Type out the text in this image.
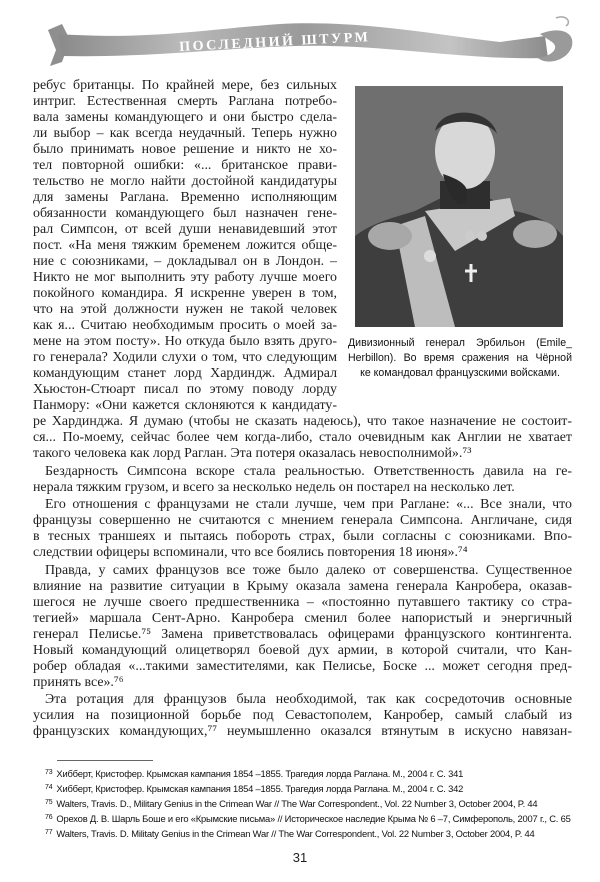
ПОСЛЕДНИЙ ШТУРМ
ребус британцы. По крайней мере, без сильных
интриг. Естественная смерть Раглана потребо-
вала замены командующего и они быстро сдела-
ли выбор – как всегда неудачный. Теперь нужно
было принимать новое решение и никто не хо-
тел повторной ошибки: «... британское прави-
тельство не могло найти достойной кандидатуры
для замены Раглана. Временно исполняющим
обязанности командующего был назначен гене-
рал Симпсон, от всей души ненавидевший этот
пост. «На меня тяжким бременем ложится обще-
ние с союзниками, – докладывал он в Лондон. –
Никто не мог выполнить эту работу лучше моего
покойного командира. Я искренне уверен в том,
что на этой должности нужен не такой человек
как я... Считаю необходимым просить о моей за-
мене на этом посту». Но откуда было взять друго-
го генерала? Ходили слухи о том, что следующим
командующим станет лорд Хардиндж. Адмирал
Хьюстон-Стюарт писал по этому поводу лорду
Панмору: «Они кажется склоняются к кандидату-
ре Хардинджа. Я думаю (чтобы не сказать надеюсь), что такое назначение не состоит-
ся... По-моему, сейчас более чем когда-либо, стало очевидным как Англии не хватает
такого человека как лорд Раглан. Эта потеря оказалась невосполнимой».⁷³
Бездарность Симпсона вскоре стала реальностью. Ответственность давила на ге-
нерала тяжким грузом, и всего за несколько недель он постарел на несколько лет.
Его отношения с французами не стали лучше, чем при Раглане: «... Все знали, что
французы совершенно не считаются с мнением генерала Симпсона. Англичане, сидя
в тесных траншеях и пытаясь побороть страх, были согласны с союзниками. Впо-
следствии офицеры вспоминали, что все боялись повторения 18 июня».⁷⁴
Правда, у самих французов все тоже было далеко от совершенства. Существенное
влияние на развитие ситуации в Крыму оказала замена генерала Канробера, оказав-
шегося не лучше своего предшественника – «постоянно путавшего тактику со стра-
тегией» маршала Сент-Арно. Канробера сменил более напористый и энергичный
генерал Пелисье.⁷⁵ Замена приветствовалась офицерами французского контингента.
Новый командующий олицетворял боевой дух армии, в которой считали, что Кан-
робер обладая «...такими заместителями, как Пелисье, Боске ... может сегодня пред-
принять все».⁷⁶
Эта ротация для французов была необходимой, так как сосредоточив основные
усилия на позиционной борьбе под Севастополем, Канробер, самый слабый из
французских командующих,⁷⁷ неумышленно оказался втянутым в искусно навязан-
Дивизионный генерал Эрбильон (Emile_
Herbillon). Во время сражения на Чёрной
ке командовал французскими войсками.
$^{73}$ Хибберт, Кристофер. Крымская кампания 1854 –1855. Трагедия лорда Раглана. М., 2004 г. С. 341
$^{74}$ Хибберт, Кристофер. Крымская кампания 1854 –1855. Трагедия лорда Раглана. М., 2004 г. С. 342
$^{75}$ Walters, Travis. D., Military Genius in the Crimean War // The War Correspondent., Vol. 22 Number 3, October 2004, P. 44
$^{76}$ Орехов Д. В. Шарль Боше и его «Крымские письма» // Историческое наследие Крыма № 6 –7, Симферополь, 2007 г., С. 65
$^{77}$ Walters, Travis. D. Militaty Genius in the Crimean War // The War Correspondent., Vol. 22 Number 3, October 2004, P. 44
31
